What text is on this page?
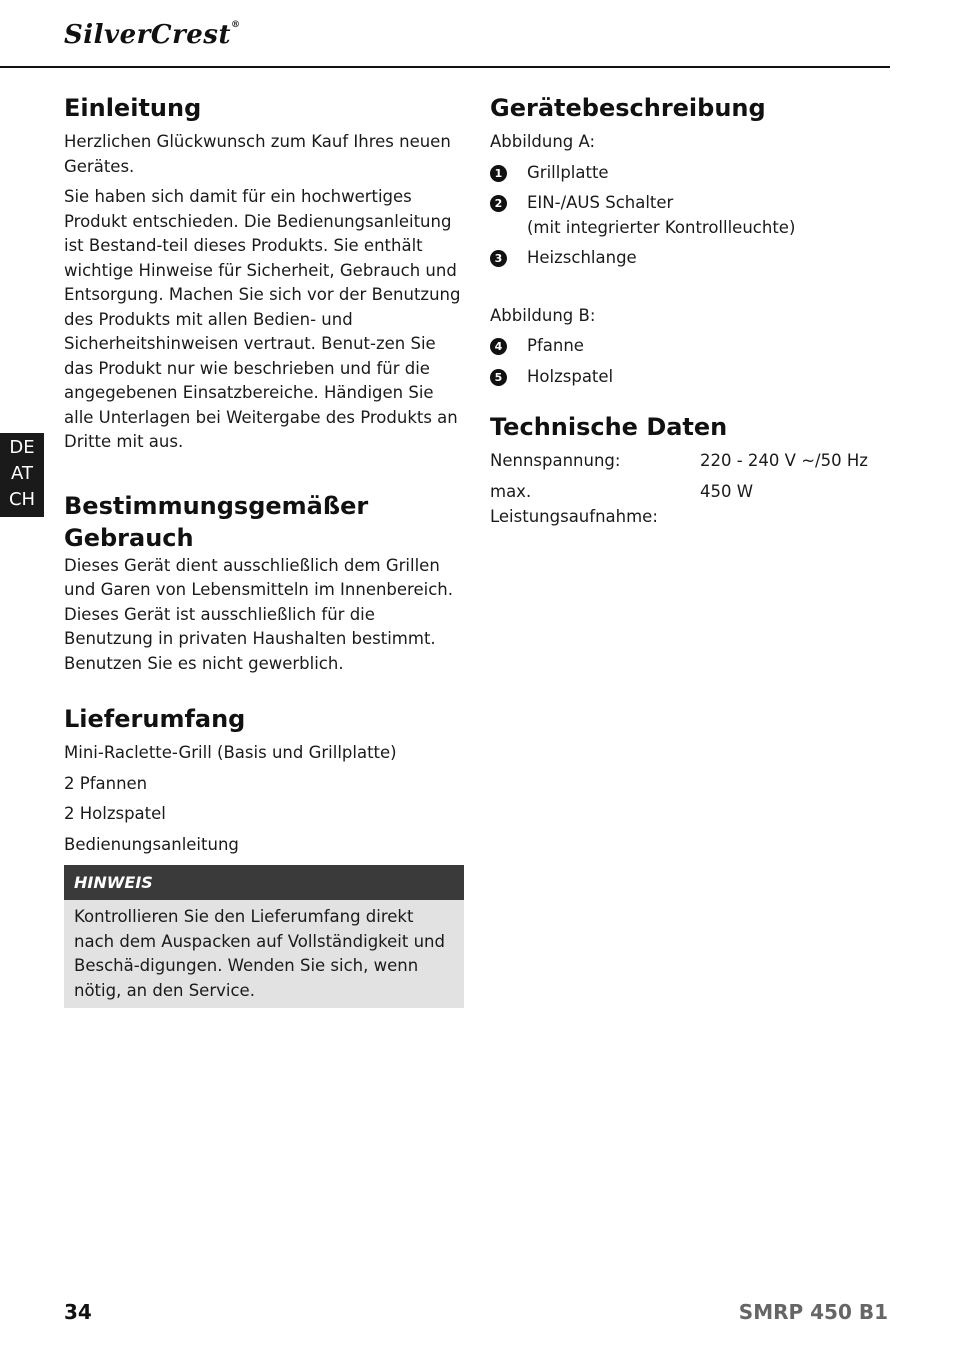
SilverCrest®
DE
AT
CH
Einleitung

Herzlichen Glückwunsch zum Kauf Ihres neuen Gerätes.

Sie haben sich damit für ein hochwertiges Produkt entschieden. Die Bedienungsanleitung ist Bestand-teil dieses Produkts. Sie enthält wichtige Hinweise für Sicherheit, Gebrauch und Entsorgung. Machen Sie sich vor der Benutzung des Produkts mit allen Bedien- und Sicherheitshinweisen vertraut. Benut-zen Sie das Produkt nur wie beschrieben und für die angegebenen Einsatzbereiche. Händigen Sie alle Unterlagen bei Weitergabe des Produkts an Dritte mit aus.

Bestimmungsgemäßer
Gebrauch

Dieses Gerät dient ausschließlich dem Grillen und Garen von Lebensmitteln im Innenbereich. Dieses Gerät ist ausschließlich für die Benutzung in privaten Haushalten bestimmt. Benutzen Sie es nicht gewerblich.

Lieferumfang

Mini-Raclette-Grill (Basis und Grillplatte)

2 Pfannen

2 Holzspatel

Bedienungsanleitung

HINWEIS
Kontrollieren Sie den Lieferumfang direkt nach dem Auspacken auf Vollständigkeit und Beschä-digungen. Wenden Sie sich, wenn nötig, an den Service.
Gerätebeschreibung

Abbildung A:

1 Grillplatte
2 EIN-/AUS Schalter
(mit integrierter Kontrollleuchte)
3 Heizschlange

Abbildung B:

4 Pfanne
5 Holzspatel
Technische Daten
Nennspannung:	220 - 240 V ~/50 Hz
max. Leistungsaufnahme:
450 W
34	SMRP 450 B1
